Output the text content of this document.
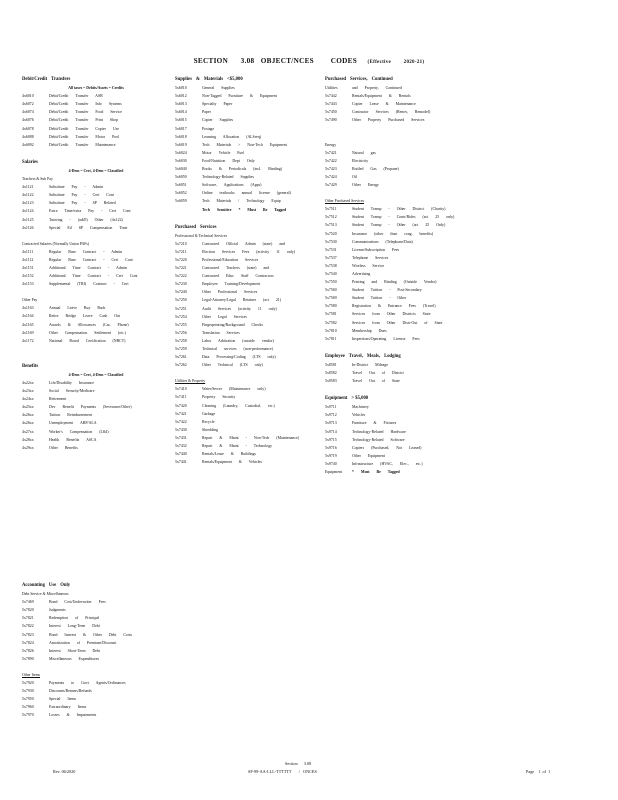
SECTION 3.08 OBJECT/NCES CODES (Effective	2020-21)
Debit/Credit Transfers
All taxes = Debits/Assets = Credits
4x6010	Debit/Credit Transfer ASB
4x6072	Debit/Credit Transfer Info Systems
4x6074	Debit/Credit Transfer Food Service
4x6076	Debit/Credit Transfer Print Shop
4x6078	Debit/Credit Transfer Copier Use
4x6088	Debit/Credit Transfer Motor Pool
4x6092	Debit/Credit Transfer Maintenance
Salaries
4-Dem = Cert, 4-Dem = Classified
Teachers & Sub Pay
4x1121	Substitute Pay - Admin
4x1122	Substitute Pay - Cert Cont
4x1123	Substitute Pay - SP Related
4x1124	Extra Time/extra Pay - Cert Cont
4x1125	Tutoring - (add'l) Other (4x122)
4x1126	Special Ed SP Compensation Time
Contracted Salaries (Normally Union PAFs)
4x1111	Regular Base Contract - Admin
4x1112	Regular Base Contract - Cert Cont
4x1151	Additional Time Contract - Admin
4x1152	Additional Time Contract - Cert Cont
4x1153	Supplemental (TRI) Contract - Cert
Other Pay
4x1163	Annual Leave Buy Back
4x1164	Retire Bridge Leave Cash Out
4x1165	Awards & Allowances (Car, Phone)
4x1169	Other Compensation Settlement (etc.)
4x1172	National Board Certification (NBCT)
Benefits
4-Dem = Cert, 4-Dem = Classified
4x22xx	Life/Disability Insurance
4x23xx	Social Security/Medicare
4x24xx	Retirement
4x25xx	Dev Benefit Payments (Severance/Other)
4x26xx	Tuition Reimbursement
4x26xx	Unemployment ARP/ALA
4x27xx	Worker's Compensation (L&I)
4x28xx	Health Benefits ASCA
4x29xx	Other Benefits
Supplies & Materials <$5,000
5x6010	General Supplies
5x6012	Non-Tagged Furniture & Equipment
5x6013	Specialty Paper
5x6014	Paper
5x6015	Copier Supplies
5x6017	Postage
5x6018	Learning Allocation (ALSreq)
5x6019	Tech Materials > Non-Tech Equipment
5x6024	Motor Vehicle Fuel
5x6030	Food/Nutrition Dept Only
5x6040	Books & Periodicals (incl. Binding)
5x6050	Technology-Related Supplies
5x6051	Software, Applications (Apps)
5x6052	Online textbooks annual license (general)
5x6059	Tech Materials / Technology Equip
Tech Sensitive * Must Be Tagged
Purchased Services
Professional & Technical Services
5x7210	Contracted Official Admin (state) and
5x7211	Election Services Fees (activity 11 only)
5x7220	Professional/Education Services
5x7221	Contracted Teachers (state) and
5x7222	Contracted Educ Staff Contractors
5x7230	Employee Training/Development
5x7240	Other Professional Services
5x7250	Legal-Attorney/Legal Retainer (act 21)
5x7251	Audit Services (activity 11 only)
5x7254	Other Legal Services
5x7255	Fingerprinting/Background Checks
5x7256	Translation Services
5x7258	Labor Arbitration (outside vendor)
5x7259	Technical services (non-performance)
5x7261	Data Processing/Coding (LTS only)
5x7262	Other Technical (LTS only)
Utilities & Property
5x7410	Water/Sewer (Maintenance only)
5x7411	Property Security
5x7420	Cleaning (Laundry, Custodial, etc.)
5x7421	Garbage
5x7422	Recycle
5x7430	Shredding
5x7431	Repair & Maint - Non-Tech (Maintenance)
5x7432	Repair & Maint - Technology
5x7440	Rentals/Lease & Buildings
5x7441	Rentals/Equipment & Vehicles
Purchased Services, Continued
Utilities	and Property, Continued
5x7442	Rentals/Equipment & Rentals
5x7443	Copier Lease & Maintenance
5x7450	Contractor Services (Renov, Remodel)
5x7490	Other Property Purchased Services
Energy
5x7421	Natural gas
5x7422	Electricity
5x7423	Bottled Gas (Propane)
5x7424	Oil
5x7429	Other Energy
Other Purchased Services
5x7511	Student Transp - Other District (Charity)
5x7512	Student Transp - Contr/Rides (act 25 only)
5x7513	Student Transp - Other (act 25 Only)
5x7520	Insurance (other than cong. benefits)
5x7530	Communications (Telephone/Data)
5x7531	License/Subscription Fees
5x7537	Telephone Services
5x7538	Wireless Service
5x7540	Advertising
5x7550	Printing and Binding (Outside Vendor)
5x7560	Student Tuition - Post-Secondary
5x7569	Student Tuition - Other
5x7580	Registration & Entrance Fees (Travel)
5x7581	Services from Other Districts State
5x7582	Services from Other Distr-Out of State
5x7810	Membership Dues
5x7811	Inspections/Operating License Fees
Employee Travel, Meals, Lodging
5x8581	In-District Mileage
5x8582	Travel Out of District
5x8583	Travel Out of State
Equipment > $5,000
5x9711	Machinery
5x9712	Vehicles
5x9713	Furniture & Fixtures
5x9714	Technology-Related Hardware
5x9715	Technology-Related Software
5x9716	Copiers (Purchased, Not Leased)
5x9719	Other Equipment
5x9740	Infrastructure (HVAC, Elec., etc.)
Equipment	* Must Be Tagged
Accounting Use Only
Debt Service & Miscellaneous
5x7469	Bond Cost/Underwriter Fees
5x7820	Judgments
5x7821	Redemption of Principal
5x7822	Interest Long-Term Debt
5x7823	Bond Interest & Other Debt Costs
5x7824	Amortization of Premium/Discount
5x7826	Interest Short-Term Debt
5x7890	Miscellaneous Expenditures
Other Items
5x7920	Payments to Govt Agents/Ordinances
5x7930	Discounts/Returns/Refunds
5x7950	Special Items
5x7960	Extraordinary Items
5x7970	Losses & Impairments
Section 3.08
Rev. 06/2020	SF-99-AA-LLL-TTTTTT / ONCES	Page 1 of 1
